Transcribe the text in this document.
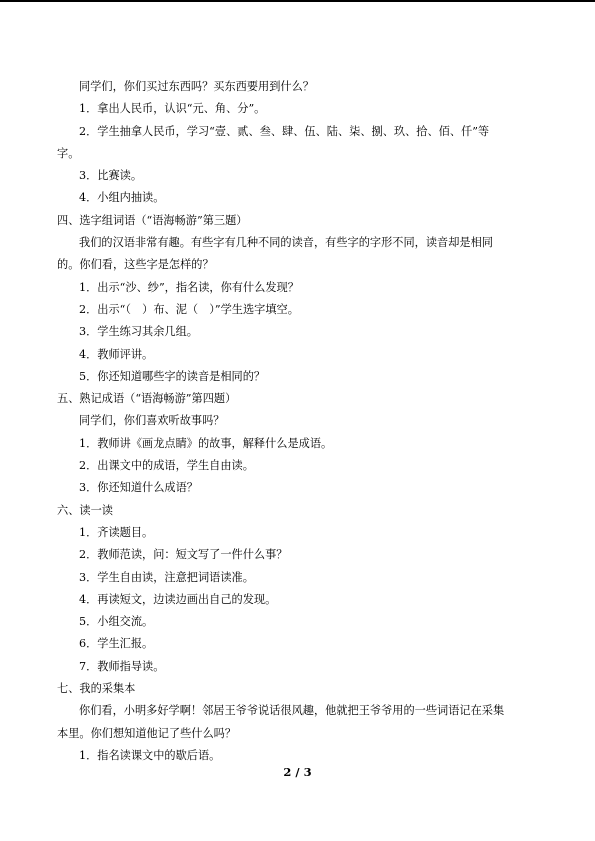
同学们，你们买过东西吗？买东西要用到什么？
1．拿出人民币，认识“元、角、分”。
2．学生抽拿人民币，学习“壹、贰、叁、肆、伍、陆、柒、捌、玖、拾、佰、仟”等
字。
3．比赛读。
4．小组内抽读。
四、选字组词语（“语海畅游”第三题）
我们的汉语非常有趣。有些字有几种不同的读音，有些字的字形不同，读音却是相同
的。你们看，这些字是怎样的？
1．出示“沙、纱”，指名读，你有什么发现？
2．出示“（　）布、泥（　）”学生选字填空。
3．学生练习其余几组。
4．教师评讲。
5．你还知道哪些字的读音是相同的？
五、熟记成语（“语海畅游”第四题）
同学们，你们喜欢听故事吗？
1．教师讲《画龙点睛》的故事，解释什么是成语。
2．出课文中的成语，学生自由读。
3．你还知道什么成语？
六、读一读
1．齐读题目。
2．教师范读，问：短文写了一件什么事？
3．学生自由读，注意把词语读准。
4．再读短文，边读边画出自己的发现。
5．小组交流。
6．学生汇报。
7．教师指导读。
七、我的采集本
你们看，小明多好学啊！邻居王爷爷说话很风趣，他就把王爷爷用的一些词语记在采集
本里。你们想知道他记了些什么吗？
1．指名读课文中的歇后语。
2 / 3
